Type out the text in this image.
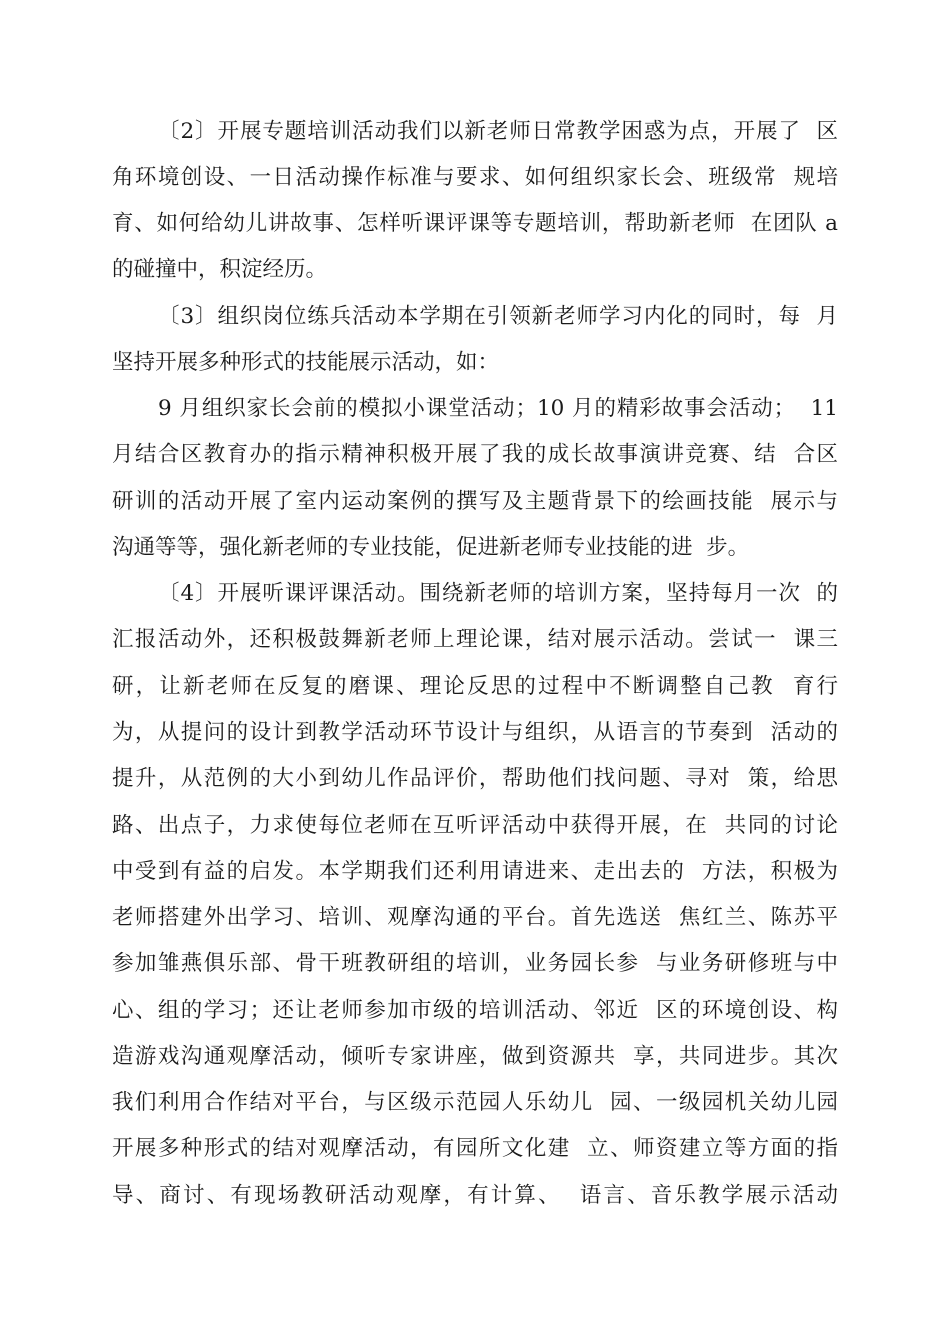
〔2〕开展专题培训活动我们以新老师日常教学困惑为点，开展了  区
角环境创设、一日活动操作标准与要求、如何组织家长会、班级常  规培
育、如何给幼儿讲故事、怎样听课评课等专题培训，帮助新老师  在团队 a
的碰撞中，积淀经历。
〔3〕组织岗位练兵活动本学期在引领新老师学习内化的同时，每  月
坚持开展多种形式的技能展示活动，如：
9 月组织家长会前的模拟小课堂活动；10 月的精彩故事会活动；  11
月结合区教育办的指示精神积极开展了我的成长故事演讲竞赛、结  合区
研训的活动开展了室内运动案例的撰写及主题背景下的绘画技能  展示与
沟通等等，强化新老师的专业技能，促进新老师专业技能的进  步。
〔4〕开展听课评课活动。围绕新老师的培训方案，坚持每月一次  的
汇报活动外，还积极鼓舞新老师上理论课，结对展示活动。尝试一  课三
研，让新老师在反复的磨课、理论反思的过程中不断调整自己教  育行
为，从提问的设计到教学活动环节设计与组织，从语言的节奏到  活动的
提升，从范例的大小到幼儿作品评价，帮助他们找问题、寻对  策，给思
路、出点子，力求使每位老师在互听评活动中获得开展，在  共同的讨论
中受到有益的启发。本学期我们还利用请进来、走出去的  方法，积极为
老师搭建外出学习、培训、观摩沟通的平台。首先选送  焦红兰、陈苏平
参加雏燕俱乐部、骨干班教研组的培训，业务园长参  与业务研修班与中
心、组的学习；还让老师参加市级的培训活动、邻近  区的环境创设、构
造游戏沟通观摩活动，倾听专家讲座，做到资源共  享，共同进步。其次
我们利用合作结对平台，与区级示范园人乐幼儿  园、一级园机关幼儿园
开展多种形式的结对观摩活动，有园所文化建  立、师资建立等方面的指
导、商讨、有现场教研活动观摩，有计算、  语言、音乐教学展示活动
